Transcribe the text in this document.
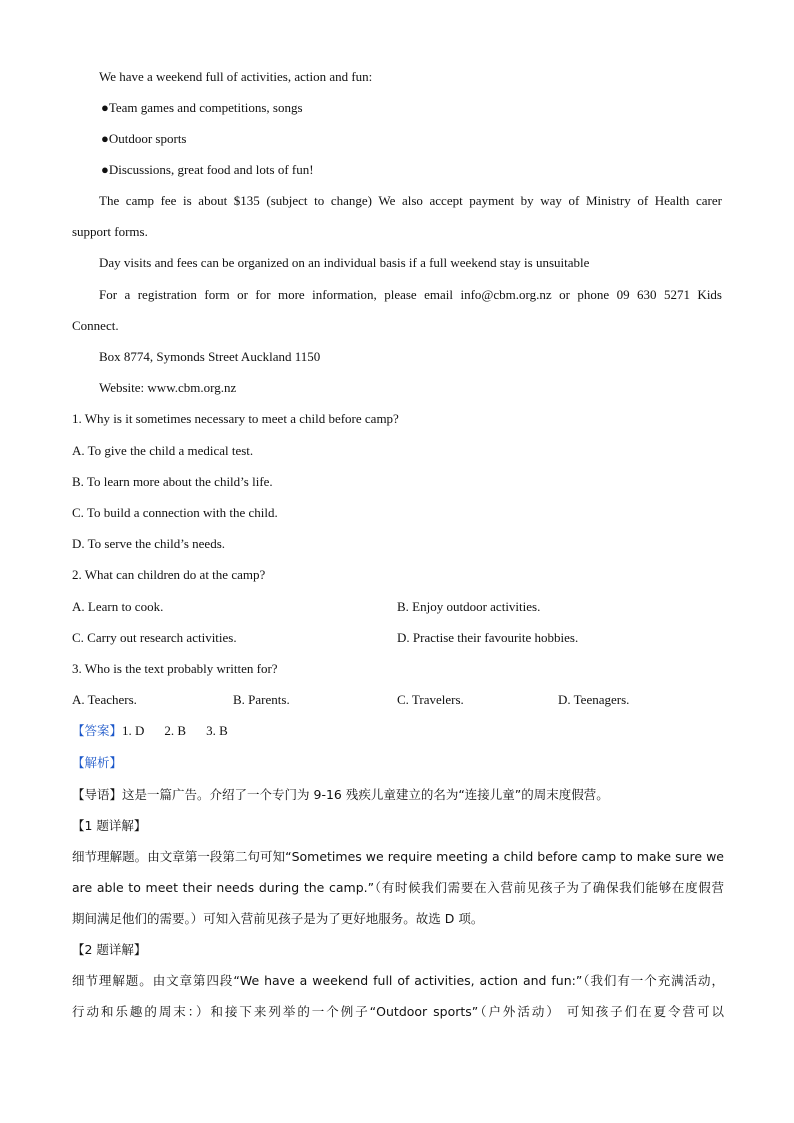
We have a weekend full of activities, action and fun:
●Team games and competitions, songs
●Outdoor sports
●Discussions, great food and lots of fun!
The camp fee is about $135 (subject to change) We also accept payment by way of Ministry of Health carer
support forms.
Day visits and fees can be organized on an individual basis if a full weekend stay is unsuitable
For a registration form or for more information, please email info@cbm.org.nz or phone 09 630 5271 Kids
Connect.
Box 8774, Symonds Street Auckland 1150
Website: www.cbm.org.nz
1. Why is it sometimes necessary to meet a child before camp?
A. To give the child a medical test.
B. To learn more about the child’s life.
C. To build a connection with the child.
D. To serve the child’s needs.
2. What can children do at the camp?
A. Learn to cook.	B. Enjoy outdoor activities.
C. Carry out research activities.	D. Practise their favourite hobbies.
3. Who is the text probably written for?
A. Teachers.	B. Parents.	C. Travelers.	D. Teenagers.
【答案】1. D 2. B 3. B
【解析】
【导语】这是一篇广告。介绍了一个专门为 9-16 残疾儿童建立的名为“连接儿童”的周末度假营。
【1 题详解】
细节理解题。由文章第一段第二句可知“Sometimes we require meeting a child before camp to make sure we
are able to meet their needs during the camp.”（有时候我们需要在入营前见孩子为了确保我们能够在度假营
期间满足他们的需要。）可知入营前见孩子是为了更好地服务。故选 D 项。
【2 题详解】
细节理解题。由文章第四段“We have a weekend full of activities, action and fun:”（我们有一个充满活动，
行动和乐趣的周末：）和接下来列举的一个例子“Outdoor sports”（户外活动） 可知孩子们在夏令营可以
